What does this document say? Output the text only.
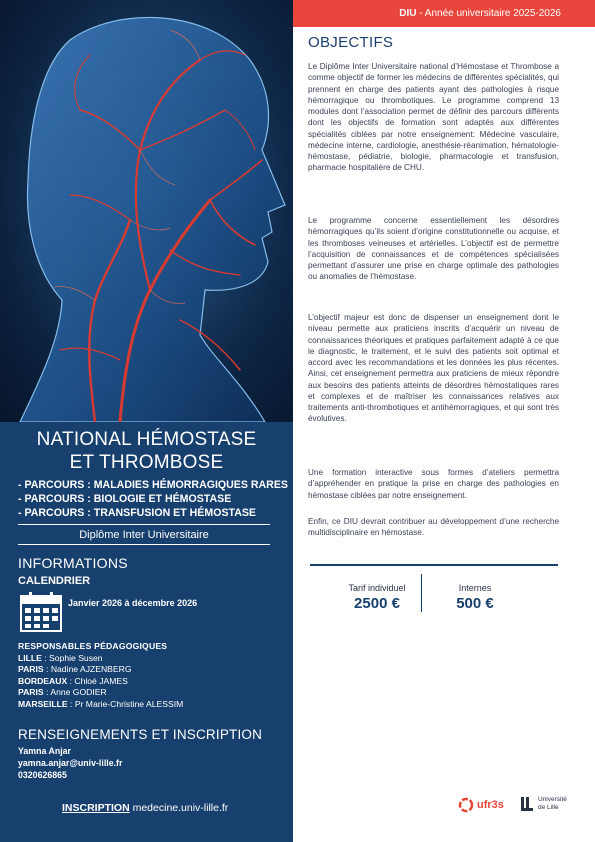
NATIONAL HÉMOSTASE
ET THROMBOSE
- PARCOURS : MALADIES HÉMORRAGIQUES RARES
- PARCOURS : BIOLOGIE ET HÉMOSTASE
- PARCOURS : TRANSFUSION ET HÉMOSTASE
Diplôme Inter Universitaire
INFORMATIONS
CALENDRIER
Janvier 2026 à décembre 2026
RESPONSABLES PÉDAGOGIQUES
LILLE : Sophie Susen
PARIS : Nadine AJZENBERG
BORDEAUX : Chloé JAMES
PARIS : Anne GODIER
MARSEILLE : Pr Marie-Christine ALESSIM
RENSEIGNEMENTS ET INSCRIPTION
Yamna Anjar
yamna.anjar@univ-lille.fr
0320626865
INSCRIPTION medecine.univ-lille.fr
DIU - Année universitaire 2025-2026
OBJECTIFS

Le Diplôme Inter Universitaire national d’Hémostase et Thrombose a comme objectif de former les médecins de différentes spécialités, qui prennent en charge des patients ayant des pathologies à risque hémorragique ou thrombotiques. Le programme comprend 13 modules dont l’association permet de définir des parcours différents dont les objectifs de formation sont adaptés aux différentes spécialités ciblées par notre enseignement: Médecine vasculaire, médecine interne, cardiologie, anesthésie-réanimation, hématologie-hémostase, pédiatrie, biologie, pharmacologie et transfusion, pharmacie hospitalière de CHU.

Le programme concerne essentiellement les désordres hémorragiques qu’ils soient d’origine constitutionnelle ou acquise, et les thromboses veineuses et artérielles. L’objectif est de permettre l’acquisition de connaissances et de compétences spécialisées permettant d’assurer une prise en charge optimale des pathologies ou anomalies de l’hémostase.

L’objectif majeur est donc de dispenser un enseignement dont le niveau permette aux praticiens inscrits d’acquérir un niveau de connaissances théoriques et pratiques parfaitement adapté à ce que le diagnostic, le traitement, et le suivi des patients soit optimal et accord avec les recommandations et les données les plus récentes. Ainsi, cet enseignement permettra aux praticiens de mieux répondre aux besoins des patients atteints de désordres hémostatiques rares et complexes et de maîtriser les connaissances relatives aux traitements anti-thrombotiques et antihémorragiques, et qui sont très évolutives.

Une formation interactive sous formes d’ateliers permettra d’appréhender en pratique la prise en charge des pathologies en hémostase ciblées par notre enseignement.

Enfin, ce DIU devrait contribuer au développement d’une recherche multidisciplinaire en hémostase.

Tarif individuel
2500 €
Internes
500 €
ufr3s	Université
de Lille
